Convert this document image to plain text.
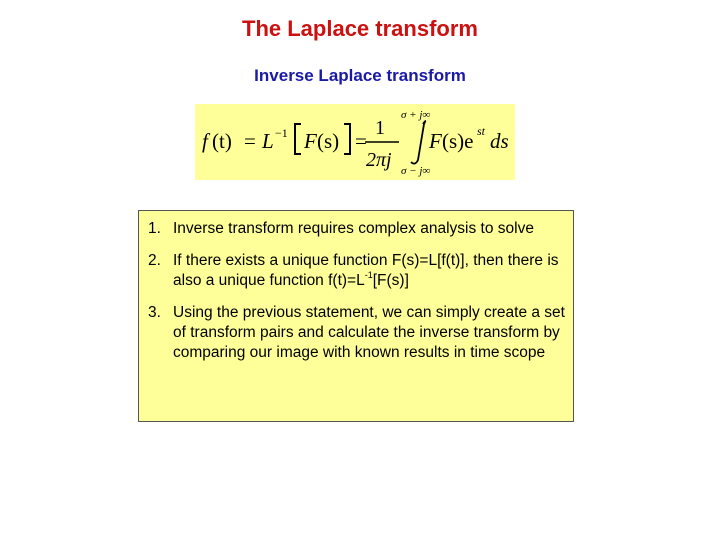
The Laplace transform
Inverse Laplace transform
f (t) = L −1 F (s) =
1
2πj
σ + j∞
σ − j∞
F (s)e st ds
1. Inverse transform requires complex analysis to solve
2. If there exists a unique function F(s)=L[f(t)], then there is also a unique function $f(t)=L^{-1}[F(s)]$
3. Using the previous statement, we can simply create a set of transform pairs and calculate the inverse transform by comparing our image with known results in time scope
